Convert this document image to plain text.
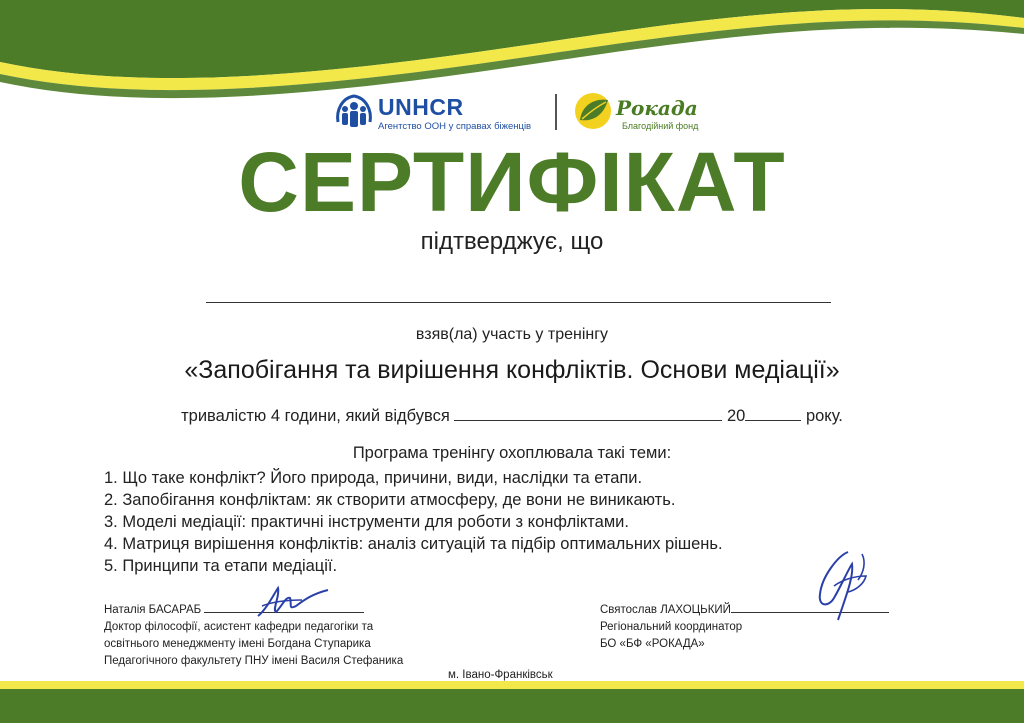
UNHCR
Агентство ООН у справах біженців
Рокада
Благодійний фонд
СЕРТИФІКАТ
підтверджує, що
взяв(ла) участь у тренінгу
«Запобігання та вирішення конфліктів. Основи медіації»
тривалістю 4 години, який відбувся	20	року.
Програма тренінгу охоплювала такі теми:
1. Що таке конфлікт? Його природа, причини, види, наслідки та етапи.
2. Запобігання конфліктам: як створити атмосферу, де вони не виникають.
3. Моделі медіації: практичні інструменти для роботи з конфліктами.
4. Матриця вирішення конфліктів: аналіз ситуацій та підбір оптимальних рішень.
5. Принципи та етапи медіації.
Наталія БАСАРАБ
Доктор філософії, асистент кафедри педагогіки та
освітнього менеджменту імені Богдана Ступарика
Педагогічного факультету ПНУ імені Василя Стефаника
Святослав ЛАХОЦЬКИЙ
Регіональний координатор
БО «БФ «РОКАДА»
м. Івано-Франківськ
